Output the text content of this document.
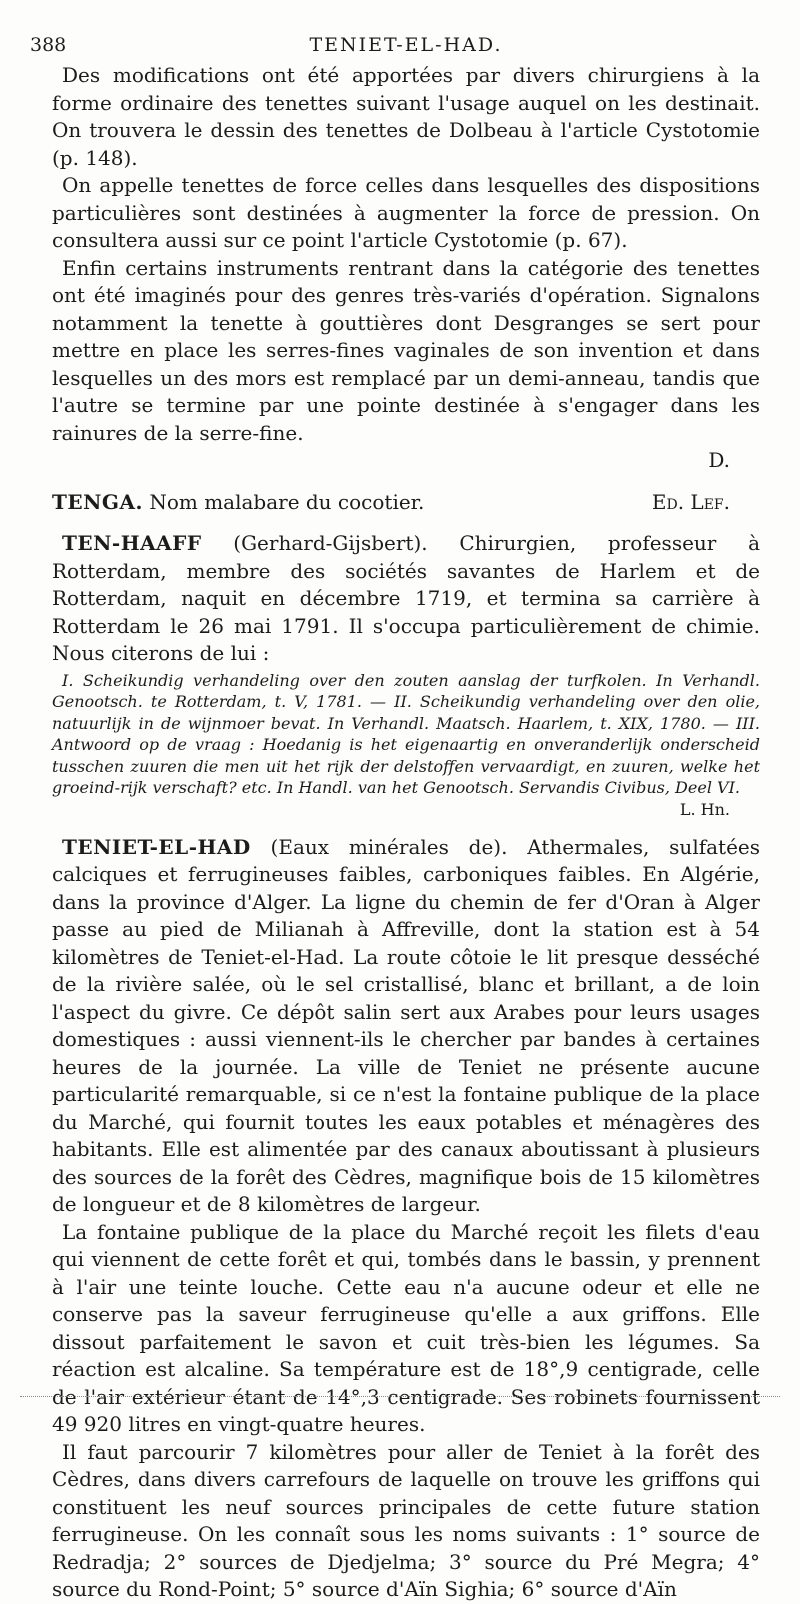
388	TENIET-EL-HAD.

Des modifications ont été apportées par divers chirurgiens à la forme ordinaire des tenettes suivant l'usage auquel on les destinait. On trouvera le dessin des tenettes de Dolbeau à l'article Cystotomie (p. 148).

On appelle tenettes de force celles dans lesquelles des dispositions particulières sont destinées à augmenter la force de pression. On consultera aussi sur ce point l'article Cystotomie (p. 67).

Enfin certains instruments rentrant dans la catégorie des tenettes ont été imaginés pour des genres très-variés d'opération. Signalons notamment la tenette à gouttières dont Desgranges se sert pour mettre en place les serres-fines vaginales de son invention et dans lesquelles un des mors est remplacé par un demi-anneau, tandis que l'autre se termine par une pointe destinée à s'engager dans les rainures de la serre-fine.

D.

TENGA. Nom malabare du cocotier.	Ed. Lef.

TEN-HAAFF (Gerhard-Gijsbert). Chirurgien, professeur à Rotterdam, membre des sociétés savantes de Harlem et de Rotterdam, naquit en décembre 1719, et termina sa carrière à Rotterdam le 26 mai 1791. Il s'occupa particulièrement de chimie. Nous citerons de lui :

I. Scheikundig verhandeling over den zouten aanslag der turfkolen. In Verhandl. Genootsch. te Rotterdam, t. V, 1781. — II. Scheikundig verhandeling over den olie, natuurlijk in de wijnmoer bevat. In Verhandl. Maatsch. Haarlem, t. XIX, 1780. — III. Antwoord op de vraag : Hoedanig is het eigenaartig en onveranderlijk onderscheid tusschen zuuren die men uit het rijk der delstoffen vervaardigt, en zuuren, welke het groeind-rijk verschaft? etc. In Handl. van het Genootsch. Servandis Civibus, Deel VI.

L. Hn.

TENIET-EL-HAD (Eaux minérales de). Athermales, sulfatées calciques et ferrugineuses faibles, carboniques faibles. En Algérie, dans la province d'Alger. La ligne du chemin de fer d'Oran à Alger passe au pied de Milianah à Affreville, dont la station est à 54 kilomètres de Teniet-el-Had. La route côtoie le lit presque desséché de la rivière salée, où le sel cristallisé, blanc et brillant, a de loin l'aspect du givre. Ce dépôt salin sert aux Arabes pour leurs usages domestiques : aussi viennent-ils le chercher par bandes à certaines heures de la journée. La ville de Teniet ne présente aucune particularité remarquable, si ce n'est la fontaine publique de la place du Marché, qui fournit toutes les eaux potables et ménagères des habitants. Elle est alimentée par des canaux aboutissant à plusieurs des sources de la forêt des Cèdres, magnifique bois de 15 kilomètres de longueur et de 8 kilomètres de largeur.

La fontaine publique de la place du Marché reçoit les filets d'eau qui viennent de cette forêt et qui, tombés dans le bassin, y prennent à l'air une teinte louche. Cette eau n'a aucune odeur et elle ne conserve pas la saveur ferrugineuse qu'elle a aux griffons. Elle dissout parfaitement le savon et cuit très-bien les légumes. Sa réaction est alcaline. Sa température est de 18°,9 centigrade, celle de l'air extérieur étant de 14°,3 centigrade. Ses robinets fournissent 49 920 litres en vingt-quatre heures.

Il faut parcourir 7 kilomètres pour aller de Teniet à la forêt des Cèdres, dans divers carrefours de laquelle on trouve les griffons qui constituent les neuf sources principales de cette future station ferrugineuse. On les connaît sous les noms suivants : 1° source de Redradja; 2° sources de Djedjelma; 3° source du Pré Megra; 4° source du Rond-Point; 5° source d'Aïn Sighia; 6° source d'Aïn
